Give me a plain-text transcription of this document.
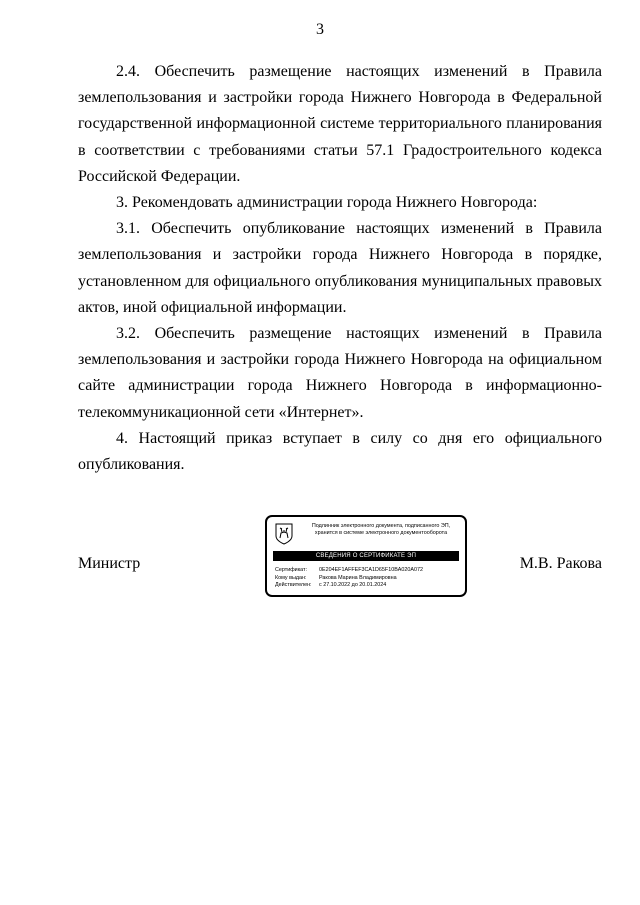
3

2.4. Обеспечить размещение настоящих изменений в Правила землепользования и застройки города Нижнего Новгорода в Федеральной государственной информационной системе территориального планирования в соответствии с требованиями статьи 57.1 Градостроительного кодекса Российской Федерации.

3. Рекомендовать администрации города Нижнего Новгорода:

3.1. Обеспечить опубликование настоящих изменений в Правила землепользования и застройки города Нижнего Новгорода в порядке, установленном для официального опубликования муниципальных правовых актов, иной официальной информации.

3.2. Обеспечить размещение настоящих изменений в Правила землепользования и застройки города Нижнего Новгорода на официальном сайте администрации города Нижнего Новгорода в информационно-телекоммуникационной сети «Интернет».

4. Настоящий приказ вступает в силу со дня его официального опубликования.

Министр	М.В. Ракова
Подлинник электронного документа, подписанного ЭП,
хранится в системе электронного документооборота
СВЕДЕНИЯ О СЕРТИФИКАТЕ ЭП
Сертификат: 0E204EF1AFFEF3CA1D65F10BA020A072
Кому выдан: Ракова Марина Владимировна
Действителен: с 27.10.2022 до 20.01.2024
